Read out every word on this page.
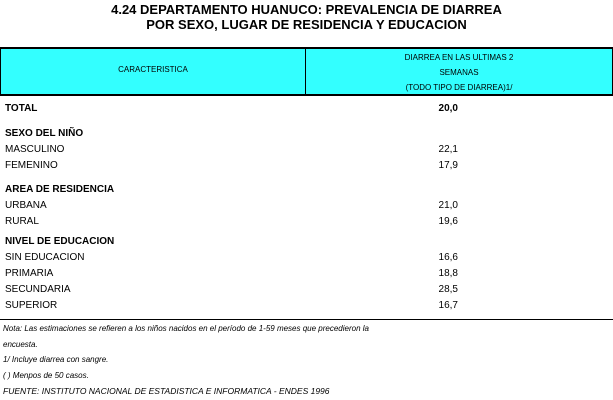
4.24 DEPARTAMENTO HUANUCO: PREVALENCIA DE DIARREA
POR SEXO, LUGAR DE RESIDENCIA Y EDUCACION
CARACTERISTICA
DIARREA EN LAS ULTIMAS 2
SEMANAS
(TODO TIPO DE DIARREA)1/
TOTAL	20,0
SEXO DEL NIÑO
MASCULINO	22,1
FEMENINO	17,9
AREA DE RESIDENCIA
URBANA	21,0
RURAL	19,6
NIVEL DE EDUCACION
SIN EDUCACION	16,6
PRIMARIA	18,8
SECUNDARIA	28,5
SUPERIOR	16,7
Nota: Las estimaciones se refieren a los niños nacidos en el período de 1-59 meses que precedieron la
encuesta.
1/ Incluye diarrea con sangre.
( ) Menpos de 50 casos.
FUENTE: INSTITUTO NACIONAL DE ESTADISTICA E INFORMATICA - ENDES 1996
